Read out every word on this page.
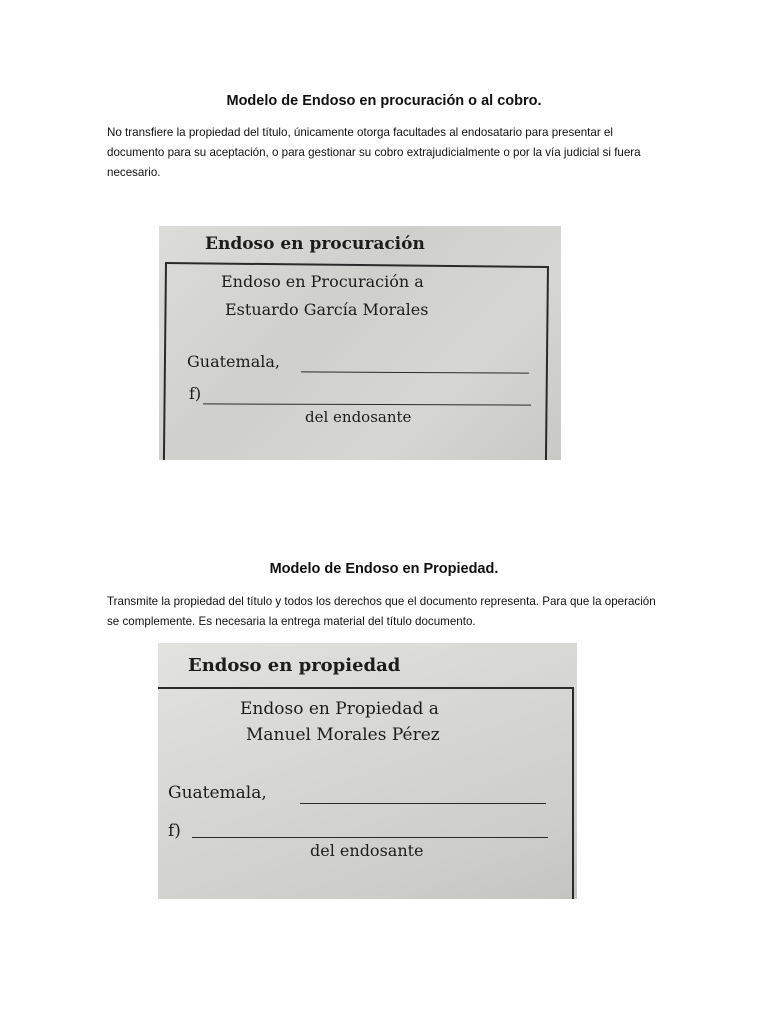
Modelo de Endoso en procuración o al cobro.

No transfiere la propiedad del título, únicamente otorga facultades al endosatario para presentar el documento para su aceptación, o para gestionar su cobro extrajudicialmente o por la vía judicial si fuera necesario.

Endoso en procuración
Endoso en Procuración a
Estuardo García Morales
Guatemala,
f)
del endosante
Modelo de Endoso en Propiedad.

Transmite la propiedad del título y todos los derechos que el documento representa. Para que la operación se complemente. Es necesaria la entrega material del título documento.

Endoso en propiedad
Endoso en Propiedad a
Manuel Morales Pérez
Guatemala,
f)
del endosante
